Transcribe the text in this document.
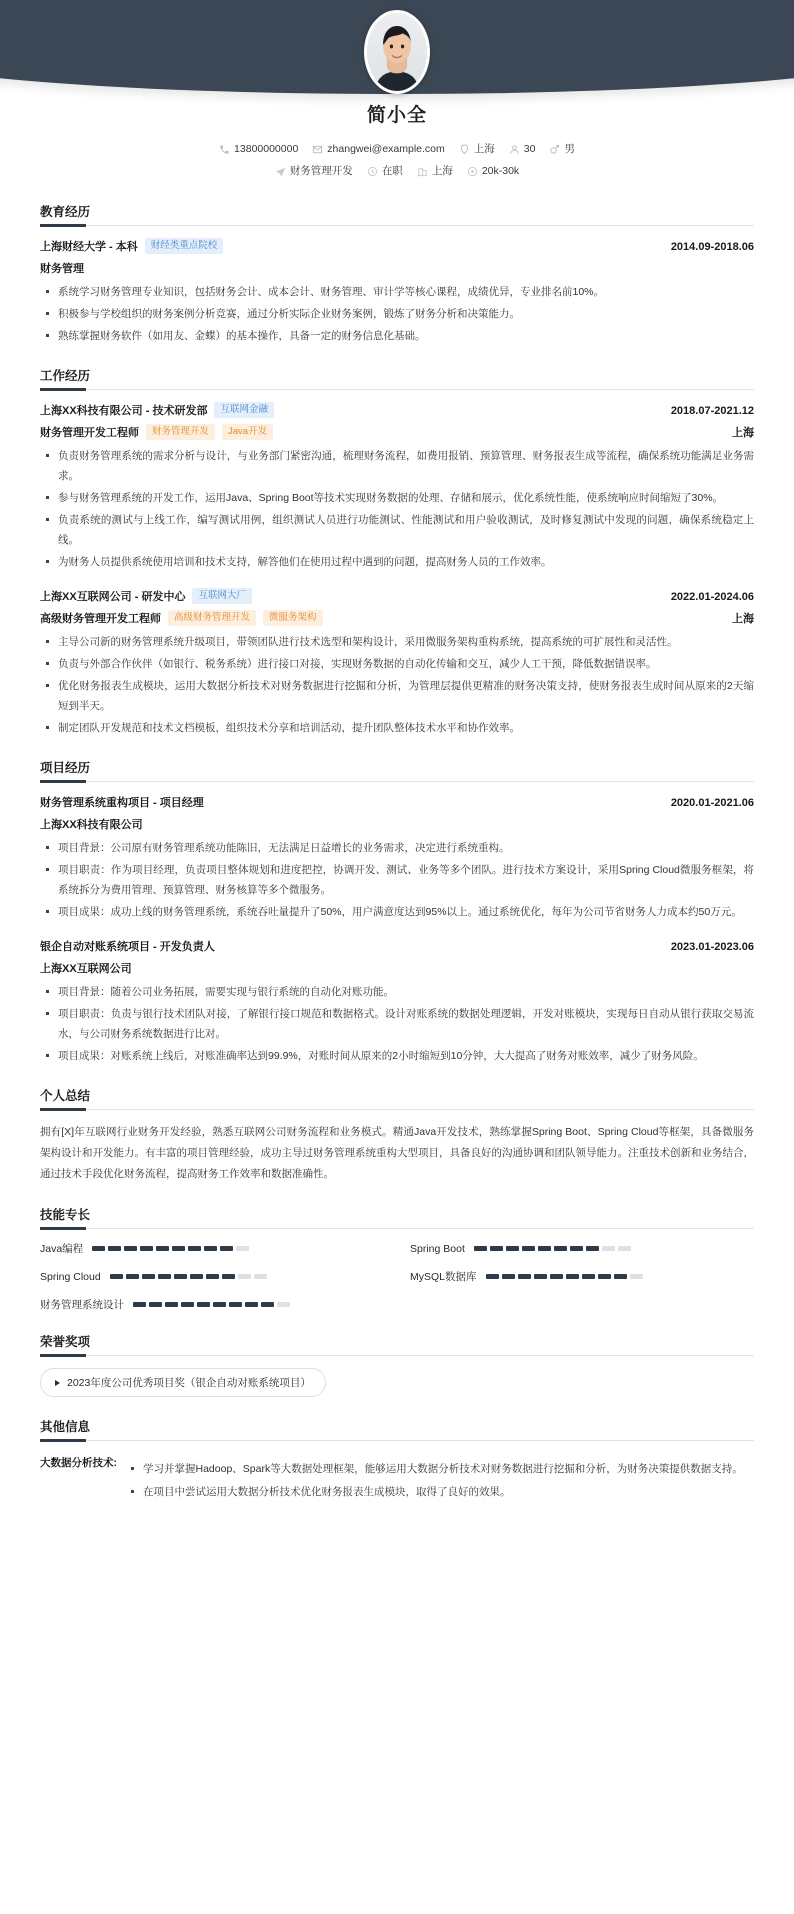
简小全
13800000000	zhangwei@example.com	上海	30	男
财务管理开发	在职	上海	20k-30k
教育经历
上海财经大学 - 本科	财经类重点院校	2014.09-2018.06
财务管理
系统学习财务管理专业知识，包括财务会计、成本会计、财务管理、审计学等核心课程，成绩优异，专业排名前10%。
积极参与学校组织的财务案例分析竞赛，通过分析实际企业财务案例，锻炼了财务分析和决策能力。
熟练掌握财务软件（如用友、金蝶）的基本操作，具备一定的财务信息化基础。
工作经历
上海XX科技有限公司 - 技术研发部	互联网金融	2018.07-2021.12
财务管理开发工程师	财务管理开发	Java开发	上海
负责财务管理系统的需求分析与设计，与业务部门紧密沟通，梳理财务流程，如费用报销、预算管理、财务报表生成等流程，确保系统功能满足业务需求。
参与财务管理系统的开发工作，运用Java、Spring Boot等技术实现财务数据的处理、存储和展示，优化系统性能，使系统响应时间缩短了30%。
负责系统的测试与上线工作，编写测试用例，组织测试人员进行功能测试、性能测试和用户验收测试，及时修复测试中发现的问题，确保系统稳定上线。
为财务人员提供系统使用培训和技术支持，解答他们在使用过程中遇到的问题，提高财务人员的工作效率。
上海XX互联网公司 - 研发中心	互联网大厂	2022.01-2024.06
高级财务管理开发工程师	高级财务管理开发	微服务架构	上海
主导公司新的财务管理系统升级项目，带领团队进行技术选型和架构设计，采用微服务架构重构系统，提高系统的可扩展性和灵活性。
负责与外部合作伙伴（如银行、税务系统）进行接口对接，实现财务数据的自动化传输和交互，减少人工干预，降低数据错误率。
优化财务报表生成模块，运用大数据分析技术对财务数据进行挖掘和分析，为管理层提供更精准的财务决策支持，使财务报表生成时间从原来的2天缩短到半天。
制定团队开发规范和技术文档模板，组织技术分享和培训活动，提升团队整体技术水平和协作效率。
项目经历
财务管理系统重构项目 - 项目经理	2020.01-2021.06
上海XX科技有限公司
项目背景：公司原有财务管理系统功能陈旧，无法满足日益增长的业务需求，决定进行系统重构。
项目职责：作为项目经理，负责项目整体规划和进度把控，协调开发、测试、业务等多个团队。进行技术方案设计，采用Spring Cloud微服务框架，将系统拆分为费用管理、预算管理、财务核算等多个微服务。
项目成果：成功上线的财务管理系统，系统吞吐量提升了50%，用户满意度达到95%以上。通过系统优化，每年为公司节省财务人力成本约50万元。
银企自动对账系统项目 - 开发负责人	2023.01-2023.06
上海XX互联网公司
项目背景：随着公司业务拓展，需要实现与银行系统的自动化对账功能。
项目职责：负责与银行技术团队对接，了解银行接口规范和数据格式。设计对账系统的数据处理逻辑，开发对账模块，实现每日自动从银行获取交易流水，与公司财务系统数据进行比对。
项目成果：对账系统上线后，对账准确率达到99.9%，对账时间从原来的2小时缩短到10分钟，大大提高了财务对账效率，减少了财务风险。
个人总结
拥有[X]年互联网行业财务开发经验，熟悉互联网公司财务流程和业务模式。精通Java开发技术，熟练掌握Spring Boot、Spring Cloud等框架，具备微服务架构设计和开发能力。有丰富的项目管理经验，成功主导过财务管理系统重构大型项目，具备良好的沟通协调和团队领导能力。注重技术创新和业务结合，通过技术手段优化财务流程，提高财务工作效率和数据准确性。
技能专长
Java编程	Spring Boot
Spring Cloud	MySQL数据库
财务管理系统设计
荣誉奖项
2023年度公司优秀项目奖（银企自动对账系统项目）
其他信息
大数据分析技术:	学习并掌握Hadoop、Spark等大数据处理框架，能够运用大数据分析技术对财务数据进行挖掘和分析，为财务决策提供数据支持。
在项目中尝试运用大数据分析技术优化财务报表生成模块，取得了良好的效果。
